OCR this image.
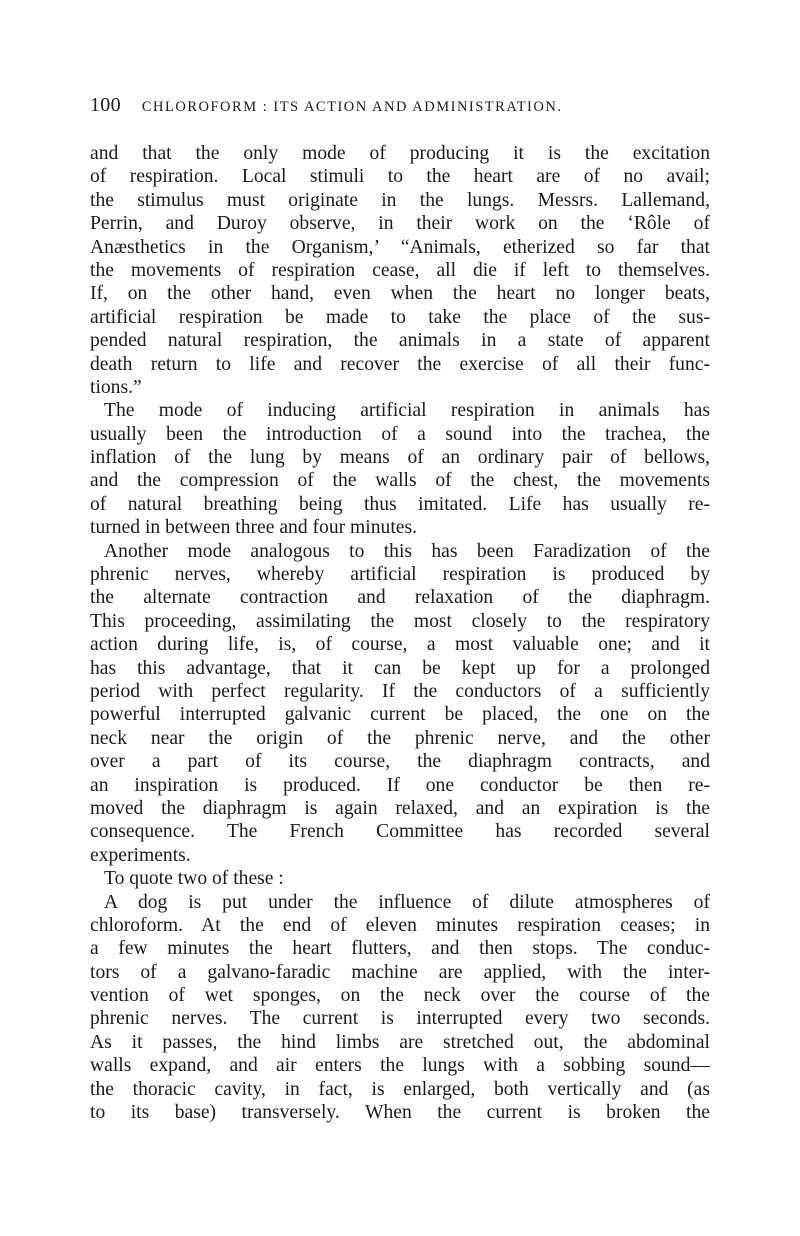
100 CHLOROFORM : ITS ACTION AND ADMINISTRATION.
and that the only mode of producing it is the excitation
of respiration. Local stimuli to the heart are of no avail;
the stimulus must originate in the lungs. Messrs. Lallemand,
Perrin, and Duroy observe, in their work on the ‘Rôle of
Anæsthetics in the Organism,’ “Animals, etherized so far that
the movements of respiration cease, all die if left to themselves.
If, on the other hand, even when the heart no longer beats,
artificial respiration be made to take the place of the sus-
pended natural respiration, the animals in a state of apparent
death return to life and recover the exercise of all their func-
tions.”
The mode of inducing artificial respiration in animals has
usually been the introduction of a sound into the trachea, the
inflation of the lung by means of an ordinary pair of bellows,
and the compression of the walls of the chest, the movements
of natural breathing being thus imitated. Life has usually re-
turned in between three and four minutes.
Another mode analogous to this has been Faradization of the
phrenic nerves, whereby artificial respiration is produced by
the alternate contraction and relaxation of the diaphragm.
This proceeding, assimilating the most closely to the respiratory
action during life, is, of course, a most valuable one; and it
has this advantage, that it can be kept up for a prolonged
period with perfect regularity. If the conductors of a sufficiently
powerful interrupted galvanic current be placed, the one on the
neck near the origin of the phrenic nerve, and the other
over a part of its course, the diaphragm contracts, and
an inspiration is produced. If one conductor be then re-
moved the diaphragm is again relaxed, and an expiration is the
consequence. The French Committee has recorded several
experiments.
To quote two of these :
A dog is put under the influence of dilute atmospheres of
chloroform. At the end of eleven minutes respiration ceases; in
a few minutes the heart flutters, and then stops. The conduc-
tors of a galvano-faradic machine are applied, with the inter-
vention of wet sponges, on the neck over the course of the
phrenic nerves. The current is interrupted every two seconds.
As it passes, the hind limbs are stretched out, the abdominal
walls expand, and air enters the lungs with a sobbing sound—
the thoracic cavity, in fact, is enlarged, both vertically and (as
to its base) transversely. When the current is broken the
